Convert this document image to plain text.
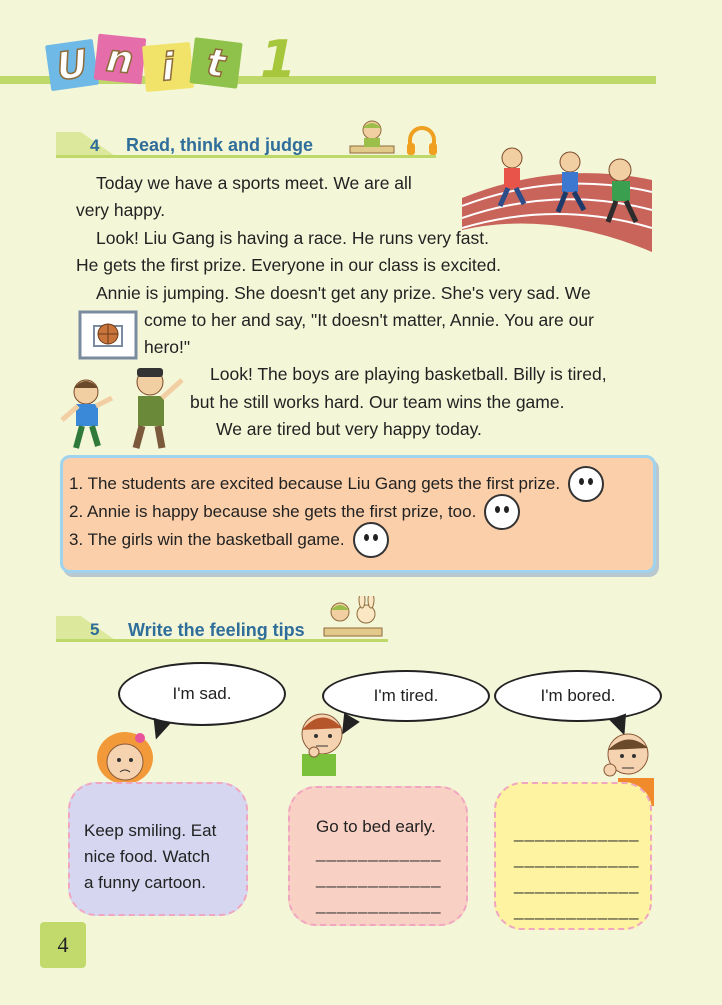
U n i t 1
4 Read, think and judge
Today we have a sports meet. We are all
very happy.
Look! Liu Gang is having a race. He runs very fast.
He gets the first prize. Everyone in our class is excited.
Annie is jumping. She doesn't get any prize. She's very sad. We
come to her and say, "It doesn't matter, Annie. You are our
hero!"
Look! The boys are playing basketball. Billy is tired,
but he still works hard. Our team wins the game.
We are tired but very happy today.
1. The students are excited because Liu Gang gets the first prize.
2. Annie is happy because she gets the first prize, too.
3. The girls win the basketball game.
5 Write the feeling tips
I'm sad.	I'm tired.	I'm bored.
Keep smiling. Eat
nice food. Watch
a funny cartoon.
Go to bed early.
____________
____________
____________
____________
____________
____________
____________
4
